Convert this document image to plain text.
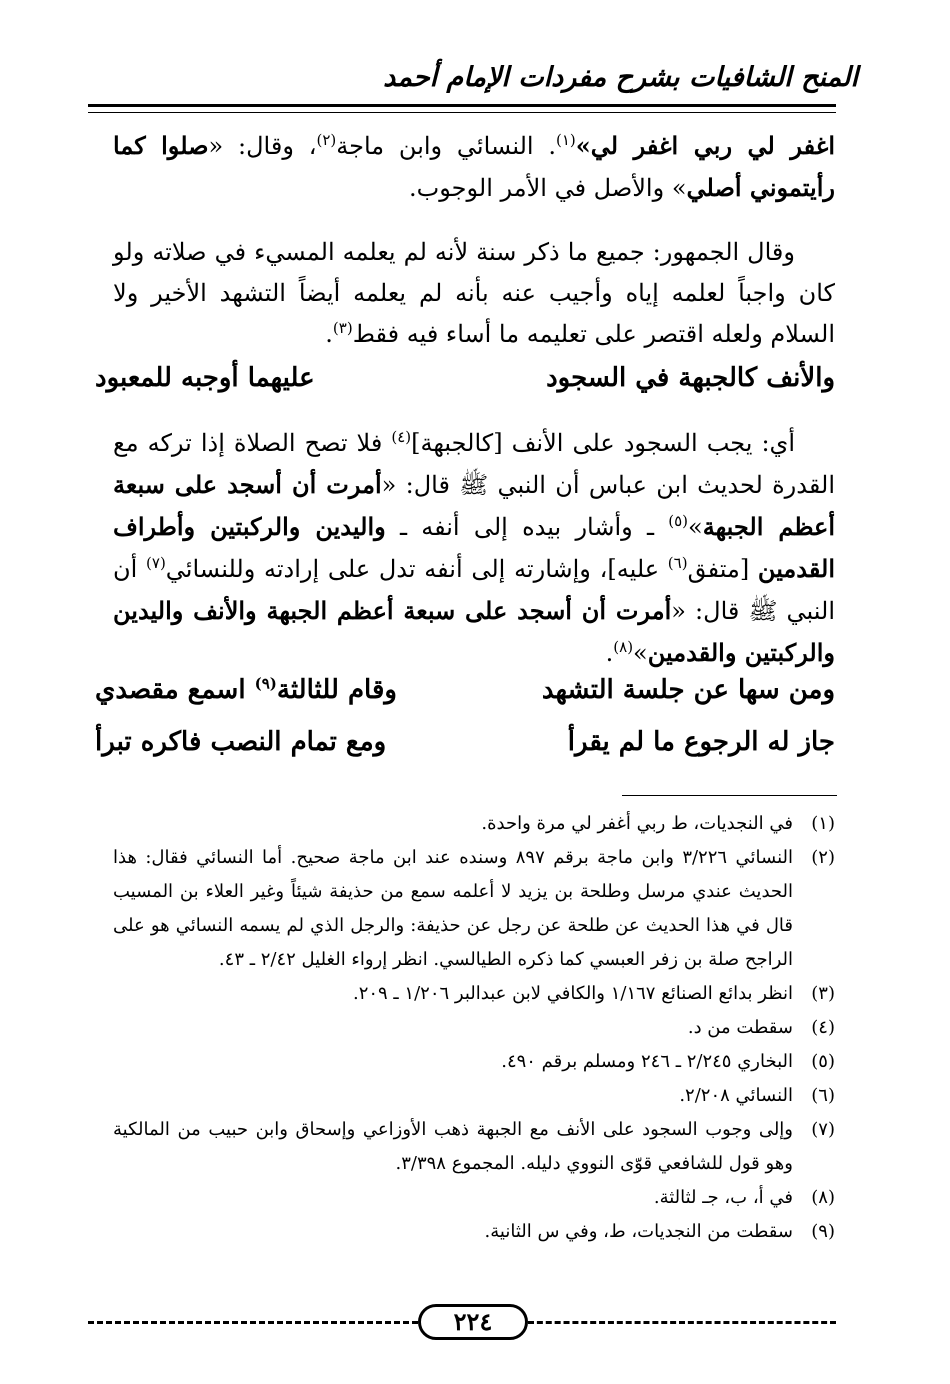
المنح الشافيات بشرح مفردات الإمام أحمد
اغفر لي ربي اغفر لي»$^{(١)}$. النسائي وابن ماجة$^{(٢)}$، وقال: «صلوا كما رأيتموني أصلي» والأصل في الأمر الوجوب.
وقال الجمهور: جميع ما ذكر سنة لأنه لم يعلمه المسيء في صلاته ولو كان واجباً لعلمه إياه وأجيب عنه بأنه لم يعلمه أيضاً التشهد الأخير ولا السلام ولعله اقتصر على تعليمه ما أساء فيه فقط$^{(٣)}$.
والأنف كالجبهة في السجود
عليهما أوجبه للمعبود
أي: يجب السجود على الأنف [كالجبهة]$^{(٤)}$ فلا تصح الصلاة إذا تركه مع القدرة لحديث ابن عباس أن النبي ﷺ قال: «أمرت أن أسجد على سبعة أعظم الجبهة»$^{(٥)}$ ـ وأشار بيده إلى أنفه ـ واليدين والركبتين وأطراف القدمين [متفق$^{(٦)}$ عليه]، وإشارته إلى أنفه تدل على إرادته وللنسائي$^{(٧)}$ أن النبي ﷺ قال: «أمرت أن أسجد على سبعة أعظم الجبهة والأنف واليدين والركبتين والقدمين»$^{(٨)}$.
ومن سها عن جلسة التشهد
وقام للثالثة$^{(٩)}$ اسمع مقصدي
جاز له الرجوع ما لم يقرأ
ومع تمام النصب فاكره تبرأ
(١)
في النجديات، ط ربي أغفر لي مرة واحدة.
(٢)
النسائي ٣/٢٢٦ وابن ماجة برقم ٨٩٧ وسنده عند ابن ماجة صحيح. أما النسائي فقال: هذا الحديث عندي مرسل وطلحة بن يزيد لا أعلمه سمع من حذيفة شيئاً وغير العلاء بن المسيب قال في هذا الحديث عن طلحة عن رجل عن حذيفة: والرجل الذي لم يسمه النسائي هو على الراجح صلة بن زفر العبسي كما ذكره الطيالسي. انظر إرواء الغليل ٢/٤٢ ـ ٤٣.
(٣)
انظر بدائع الصنائع ١/١٦٧ والكافي لابن عبدالبر ١/٢٠٦ ـ ٢٠٩.
(٤)
سقطت من د.
(٥)
البخاري ٢/٢٤٥ ـ ٢٤٦ ومسلم برقم ٤٩٠.
(٦)
النسائي ٢/٢٠٨.
(٧)
وإلى وجوب السجود على الأنف مع الجبهة ذهب الأوزاعي وإسحاق وابن حبيب من المالكية وهو قول للشافعي قوّى النووي دليله. المجموع ٣/٣٩٨.
(٨)
في أ، ب، جـ لثالثة.
(٩)
سقطت من النجديات، ط، وفي س الثانية.
٢٢٤
